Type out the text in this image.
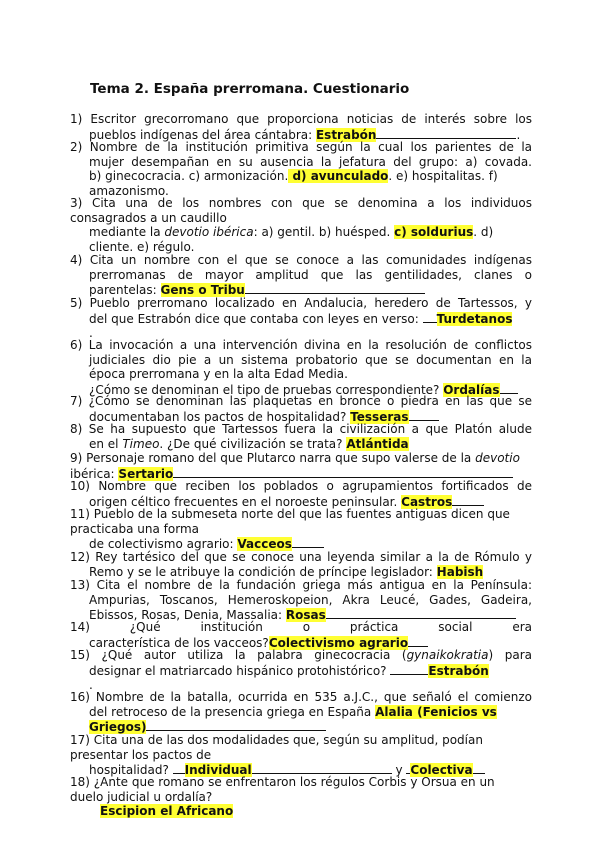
Tema 2. España prerromana. Cuestionario

1) Escritor grecorromano que proporciona noticias de interés sobre los

pueblos indígenas del área cántabra: Estrabón	.

2) Nombre de la institución primitiva según la cual los parientes de la

mujer desempañan en su ausencia la jefatura del grupo: a) covada.

b) ginecocracia. c) armonización. d) avunculado. e) hospitalitas. f)

amazonismo.

3) Cita una de los nombres con que se denomina a los individuos

consagrados a un caudillo

mediante la devotio ibérica: a) gentil. b) huésped. c) soldurius. d)

cliente. e) régulo.

4) Cita un nombre con el que se conoce a las comunidades indígenas

prerromanas de mayor amplitud que las gentilidades, clanes o

parentelas: Gens o Tribu

5) Pueblo prerromano localizado en Andalucia, heredero de Tartessos, y

del que Estrabón dice que contaba con leyes en verso: Turdetanos

.

6) La invocación a una intervención divina en la resolución de conflictos

judiciales dio pie a un sistema probatorio que se documentan en la

época prerromana y en la alta Edad Media.

¿Cómo se denominan el tipo de pruebas correspondiente? Ordalías

7) ¿Cómo se denominan las plaquetas en bronce o piedra en las que se

documentaban los pactos de hospitalidad? Tesseras

8) Se ha supuesto que Tartessos fuera la civilización a que Platón alude

en el Timeo. ¿De qué civilización se trata? Atlántida

9) Personaje romano del que Plutarco narra que supo valerse de la devotio

ibérica: Sertario

10) Nombre que reciben los poblados o agrupamientos fortificados de

origen céltico frecuentes en el noroeste peninsular. Castros

11) Pueblo de la submeseta norte del que las fuentes antiguas dicen que

practicaba una forma

de colectivismo agrario: Vacceos

12) Rey tartésico del que se conoce una leyenda similar a la de Rómulo y

Remo y se le atribuye la condición de príncipe legislador: Habish

13) Cita el nombre de la fundación griega más antigua en la Península:

Ampurias, Toscanos, Hemeroskopeion, Akra Leucé, Gades, Gadeira,

Ebissos, Rosas, Denia, Massalia: Rosas

14) ¿Qué institución o práctica social era

característica de los vacceos?Colectivismo agrario

15) ¿Qué autor utiliza la palabra ginecocracia (gynaikokratia) para

designar el matriarcado hispánico protohistórico?	Estrabón

.

16) Nombre de la batalla, ocurrida en 535 a.J.C., que señaló el comienzo

del retroceso de la presencia griega en España Alalia (Fenicios vs

Griegos)

17) Cita una de las dos modalidades que, según su amplitud, podían

presentar los pactos de

hospitalidad? Individual	y Colectiva

18) ¿Ante que romano se enfrentaron los régulos Corbis y Orsua en un

duelo judicial u ordalía?

Escipion el Africano
